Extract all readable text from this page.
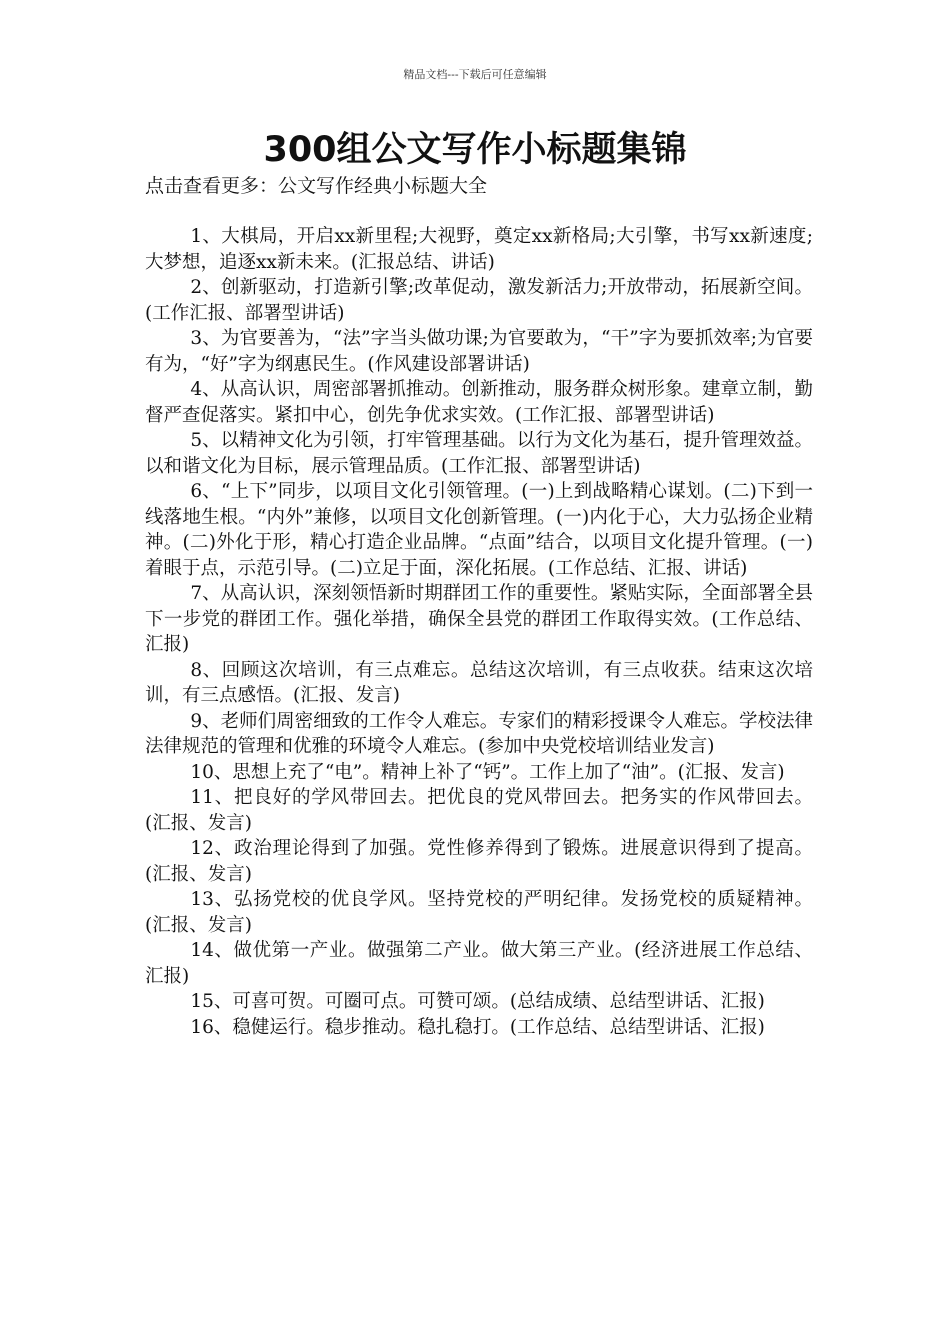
精品文档---下载后可任意编辑
300组公文写作小标题集锦
点击查看更多：公文写作经典小标题大全

1、大棋局，开启xx新里程;大视野，奠定xx新格局;大引擎，书写xx新速度;大梦想，追逐xx新未来。(汇报总结、讲话)

2、创新驱动，打造新引擎;改革促动，激发新活力;开放带动，拓展新空间。(工作汇报、部署型讲话)

3、为官要善为，“法”字当头做功课;为官要敢为，“干”字为要抓效率;为官要有为，“好”字为纲惠民生。(作风建设部署讲话)

4、从高认识，周密部署抓推动。创新推动，服务群众树形象。建章立制，勤督严查促落实。紧扣中心，创先争优求实效。(工作汇报、部署型讲话)

5、以精神文化为引领，打牢管理基础。以行为文化为基石，提升管理效益。以和谐文化为目标，展示管理品质。(工作汇报、部署型讲话)

6、“上下”同步，以项目文化引领管理。(一)上到战略精心谋划。(二)下到一线落地生根。“内外”兼修，以项目文化创新管理。(一)内化于心，大力弘扬企业精神。(二)外化于形，精心打造企业品牌。“点面”结合，以项目文化提升管理。(一)着眼于点，示范引导。(二)立足于面，深化拓展。(工作总结、汇报、讲话)

7、从高认识，深刻领悟新时期群团工作的重要性。紧贴实际，全面部署全县下一步党的群团工作。强化举措，确保全县党的群团工作取得实效。(工作总结、汇报)

8、回顾这次培训，有三点难忘。总结这次培训，有三点收获。结束这次培训，有三点感悟。(汇报、发言)

9、老师们周密细致的工作令人难忘。专家们的精彩授课令人难忘。学校法律法律规范的管理和优雅的环境令人难忘。(参加中央党校培训结业发言)

10、思想上充了“电”。精神上补了“钙”。工作上加了“油”。(汇报、发言)

11、把良好的学风带回去。把优良的党风带回去。把务实的作风带回去。(汇报、发言)

12、政治理论得到了加强。党性修养得到了锻炼。进展意识得到了提高。(汇报、发言)

13、弘扬党校的优良学风。坚持党校的严明纪律。发扬党校的质疑精神。(汇报、发言)

14、做优第一产业。做强第二产业。做大第三产业。(经济进展工作总结、汇报)

15、可喜可贺。可圈可点。可赞可颂。(总结成绩、总结型讲话、汇报)

16、稳健运行。稳步推动。稳扎稳打。(工作总结、总结型讲话、汇报)
